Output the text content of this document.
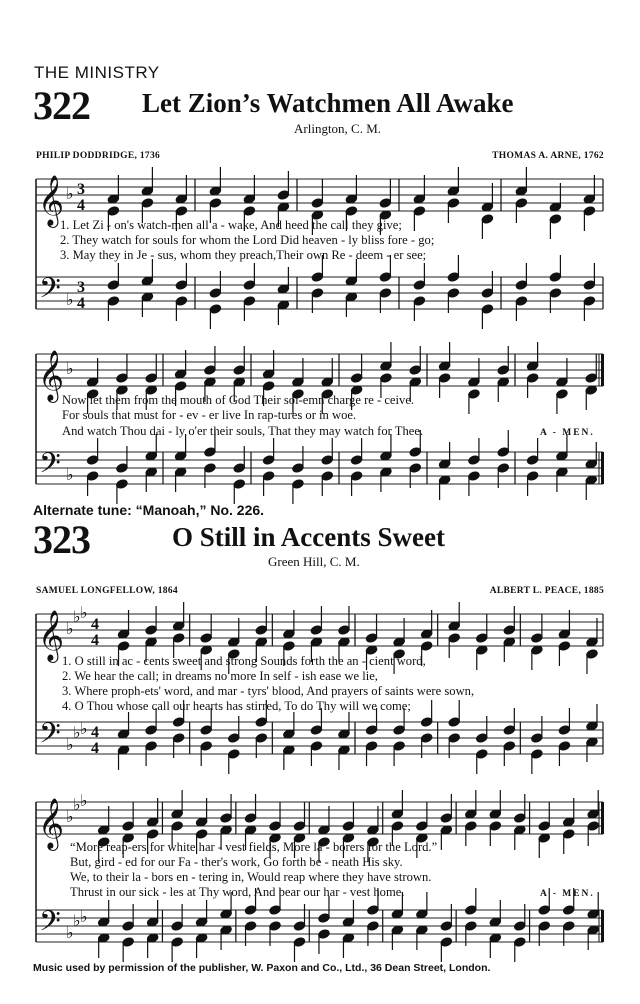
THE MINISTRY
322 Let Zion’s Watchmen All Awake
Arlington, C. M.
PHILIP DODDRIDGE, 1736	THOMAS A. ARNE, 1762
𝄞
𝄢
♭
♭
3
4
3
4
1. Let Zi - on's watch-men all a - wake, And heed the call they give;
2. They watch for souls for whom the Lord Did heaven - ly bliss fore - go;
3. May they in Je - sus, whom they preach,Their own Re - deem - er see;
𝄞
𝄢
♭
♭
Now let them from the mouth of God Their sol-emn charge re - ceive.
For souls that must for - ev - er live In rap-tures or in woe.
And watch Thou dai - ly o'er their souls, That they may watch for Thee.	A - MEN.
Alternate tune: “Manoah,” No. 226.
323	O Still in Accents Sweet
Green Hill, C. M.
SAMUEL LONGFELLOW, 1864	ALBERT L. PEACE, 1885
𝄞
𝄢
♭
♭
♭
♭
♭
♭
4
4
4
4
1. O still in ac - cents sweet and strong Sounds forth the an - cient word,
2. We hear the call; in dreams no more In self - ish ease we lie,
3. Where proph-ets' word, and mar - tyrs' blood, And prayers of saints were sown,
4. O Thou whose call our hearts has stirred, To do Thy will we come;
𝄞
𝄢
♭
♭
♭
♭
♭
♭
“More reap-ers for white har - vest fields, More la - borers for the Lord.”
But, gird - ed for our Fa - ther's work, Go forth be - neath His sky.
We, to their la - bors en - tering in, Would reap where they have strown.
Thrust in our sick - les at Thy word, And bear our har - vest home.	A - MEN.
Music used by permission of the publisher, W. Paxon and Co., Ltd., 36 Dean Street, London.
